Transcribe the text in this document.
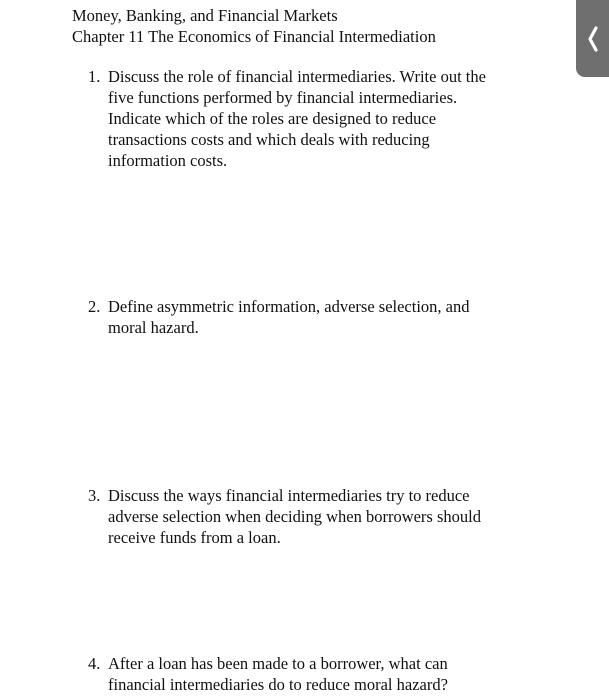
Money, Banking, and Financial Markets
Chapter 11 The Economics of Financial Intermediation
1. Discuss the role of financial intermediaries. Write out the
five functions performed by financial intermediaries.
Indicate which of the roles are designed to reduce
transactions costs and which deals with reducing
information costs.
2. Define asymmetric information, adverse selection, and
moral hazard.
3. Discuss the ways financial intermediaries try to reduce
adverse selection when deciding when borrowers should
receive funds from a loan.
4. After a loan has been made to a borrower, what can
financial intermediaries do to reduce moral hazard?
